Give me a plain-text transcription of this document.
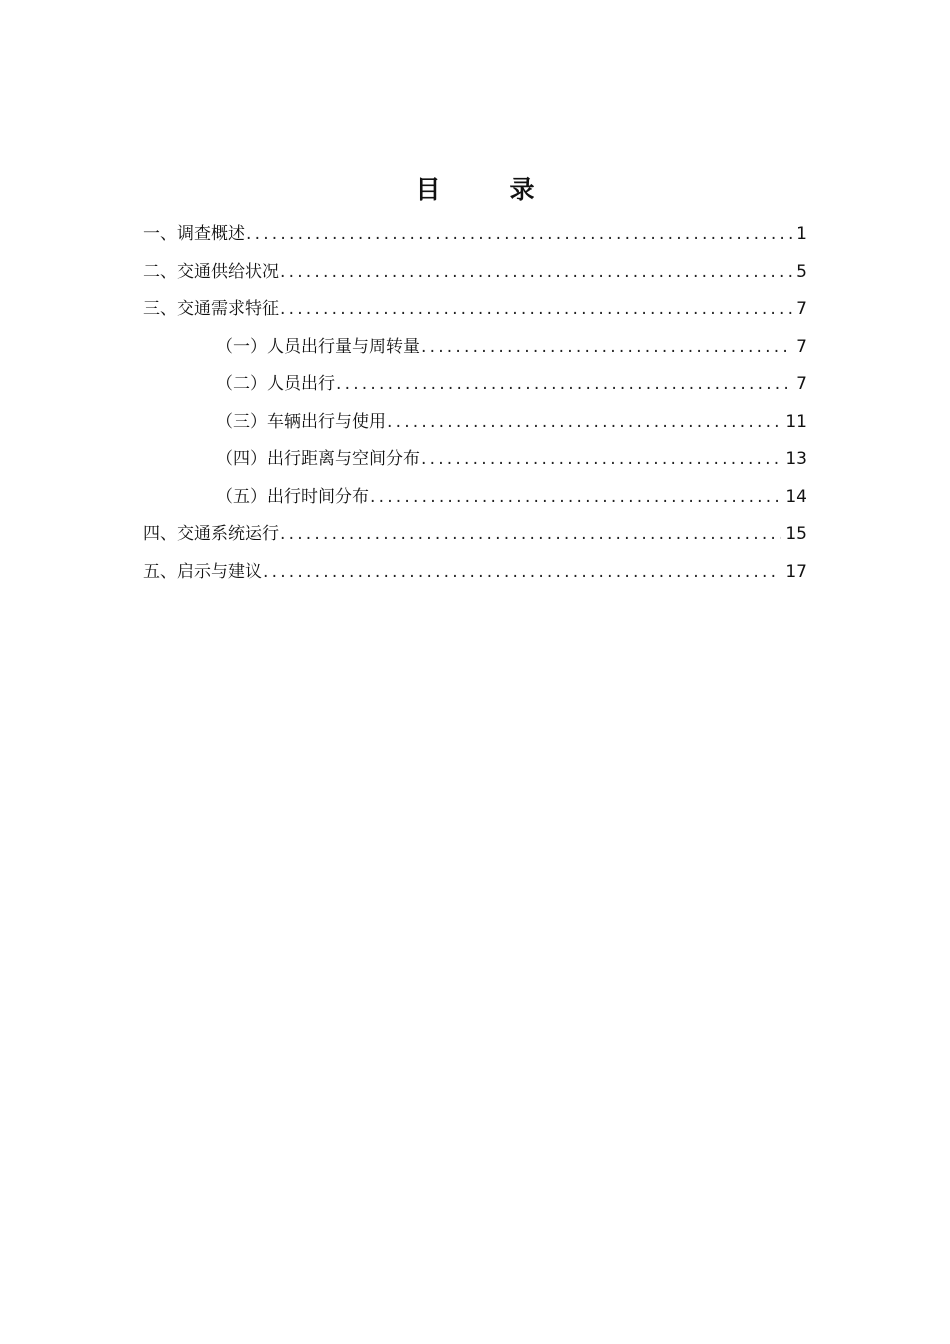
目　录
一、调查概述 .....	1
二、交通供给状况 .....	5
三、交通需求特征 .....	7
（一）人员出行量与周转量 .....	7
（二）人员出行 .....	7
（三）车辆出行与使用 .....	11
（四）出行距离与空间分布 .....	13
（五）出行时间分布 .....	14
四、交通系统运行 .....	15
五、启示与建议 .....	17
